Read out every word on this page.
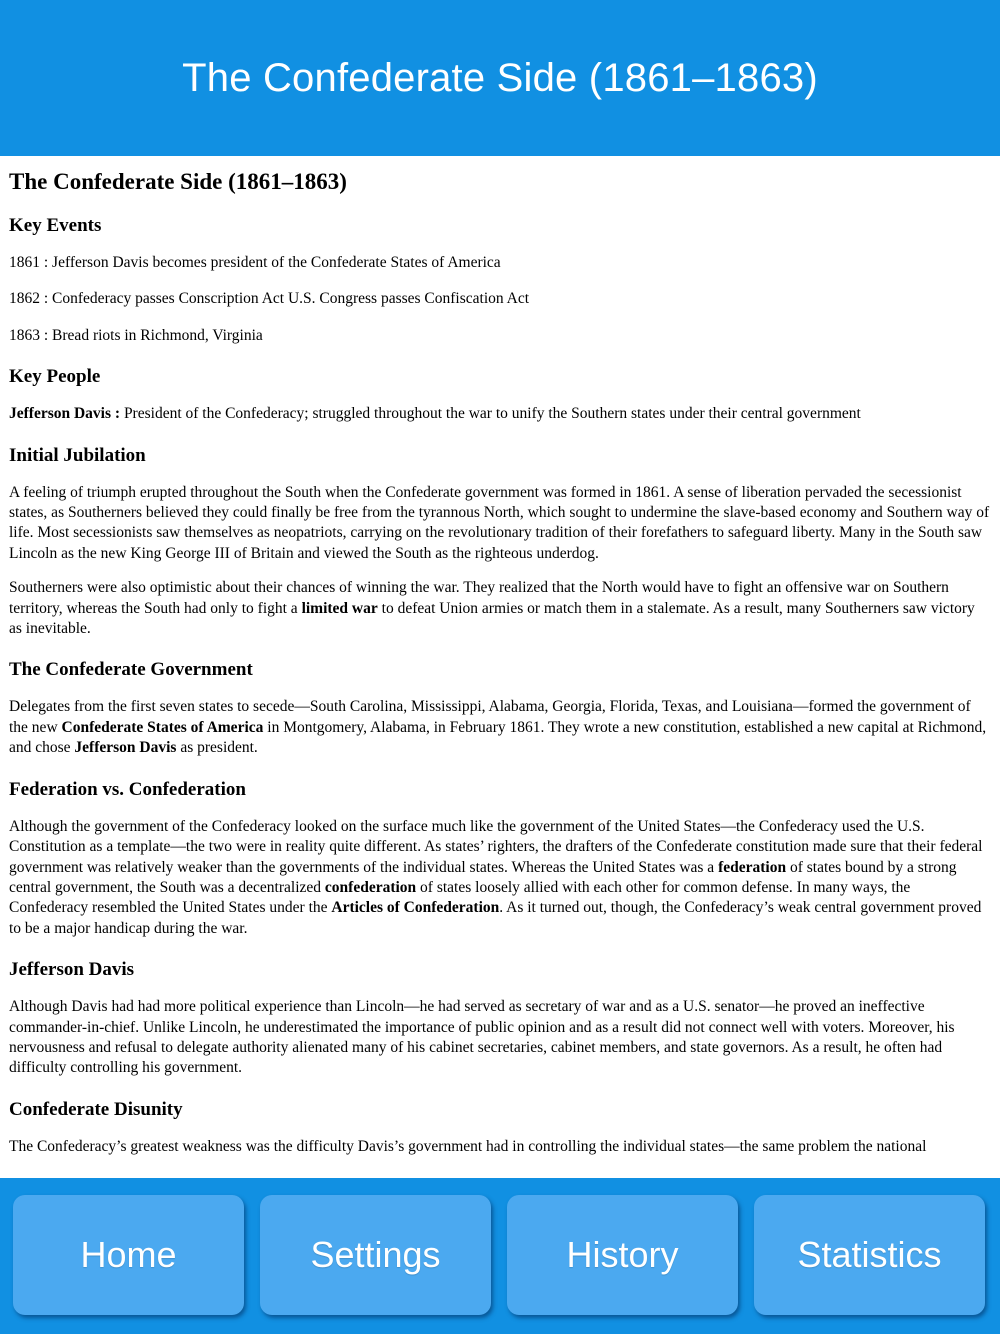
The Confederate Side (1861–1863)
The Confederate Side (1861–1863)
Key Events

1861 : Jefferson Davis becomes president of the Confederate States of America

1862 : Confederacy passes Conscription Act U.S. Congress passes Confiscation Act

1863 : Bread riots in Richmond, Virginia

Key People

Jefferson Davis : President of the Confederacy; struggled throughout the war to unify the Southern states under their central government

Initial Jubilation

A feeling of triumph erupted throughout the South when the Confederate government was formed in 1861. A sense of liberation pervaded the secessionist states, as Southerners believed they could finally be free from the tyrannous North, which sought to undermine the slave-based economy and Southern way of life. Most secessionists saw themselves as neopatriots, carrying on the revolutionary tradition of their forefathers to safeguard liberty. Many in the South saw Lincoln as the new King George III of Britain and viewed the South as the righteous underdog.

Southerners were also optimistic about their chances of winning the war. They realized that the North would have to fight an offensive war on Southern territory, whereas the South had only to fight a limited war to defeat Union armies or match them in a stalemate. As a result, many Southerners saw victory as inevitable.

The Confederate Government

Delegates from the first seven states to secede—South Carolina, Mississippi, Alabama, Georgia, Florida, Texas, and Louisiana—formed the government of the new Confederate States of America in Montgomery, Alabama, in February 1861. They wrote a new constitution, established a new capital at Richmond, and chose Jefferson Davis as president.

Federation vs. Confederation

Although the government of the Confederacy looked on the surface much like the government of the United States—the Confederacy used the U.S. Constitution as a template—the two were in reality quite different. As states’ righters, the drafters of the Confederate constitution made sure that their federal government was relatively weaker than the governments of the individual states. Whereas the United States was a federation of states bound by a strong central government, the South was a decentralized confederation of states loosely allied with each other for common defense. In many ways, the Confederacy resembled the United States under the Articles of Confederation. As it turned out, though, the Confederacy’s weak central government proved to be a major handicap during the war.

Jefferson Davis

Although Davis had had more political experience than Lincoln—he had served as secretary of war and as a U.S. senator—he proved an ineffective commander-in-chief. Unlike Lincoln, he underestimated the importance of public opinion and as a result did not connect well with voters. Moreover, his nervousness and refusal to delegate authority alienated many of his cabinet secretaries, cabinet members, and state governors. As a result, he often had difficulty controlling his government.

Confederate Disunity

The Confederacy’s greatest weakness was the difficulty Davis’s government had in controlling the individual states—the same problem the national

Home	Settings	History	Statistics
